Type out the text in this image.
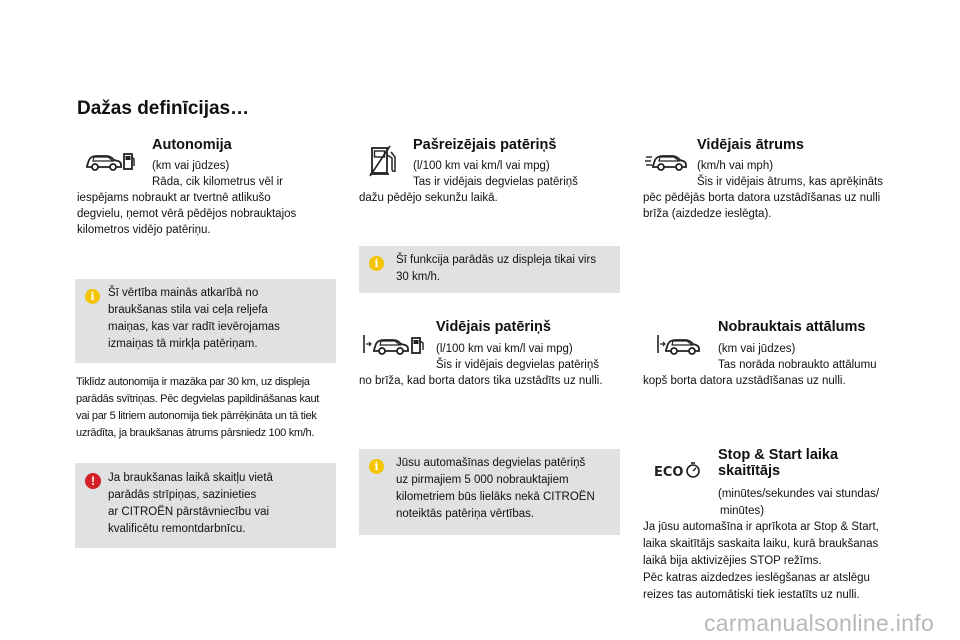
Dažas definīcijas…
Autonomija
(km vai jūdzes)
Rāda, cik kilometrus vēl ir
iespējams nobraukt ar tvertnē atlikušo
degvielu, ņemot vērā pēdējos nobrauktajos
kilometros vidējo patēriņu.
i	Šī vērtība mainās atkarībā no
braukšanas stila vai ceļa reljefa
maiņas, kas var radīt ievērojamas
izmaiņas tā mirkļa patēriņam.
Tiklīdz autonomija ir mazāka par 30 km, uz displeja
parādās svītriņas. Pēc degvielas papildināšanas kaut
vai par 5 litriem autonomija tiek pārrēķināta un tā tiek
uzrādīta, ja braukšanas ātrums pārsniedz 100 km/h.
!	Ja braukšanas laikā skaitļu vietā
parādās strīpiņas, sazinieties
ar CITROËN pārstāvniecību vai
kvalificētu remontdarbnīcu.
Pašreizējais patēriņš
(l/100 km vai km/l vai mpg)
Tas ir vidējais degvielas patēriņš
dažu pēdējo sekunžu laikā.
i	Šī funkcija parādās uz displeja tikai virs
30 km/h.
Vidējais patēriņš
(l/100 km vai km/l vai mpg)
Šis ir vidējais degvielas patēriņš
no brīža, kad borta dators tika uzstādīts uz nulli.
i	Jūsu automašīnas degvielas patēriņš
uz pirmajiem 5 000 nobrauktajiem
kilometriem būs lielāks nekā CITROËN
noteiktās patēriņa vērtības.
Vidējais ātrums
(km/h vai mph)
Šis ir vidējais ātrums, kas aprēķināts
pēc pēdējās borta datora uzstādīšanas uz nulli
brīža (aizdedze ieslēgta).
Nobrauktais attālums
(km vai jūdzes)
Tas norāda nobraukto attālumu
kopš borta datora uzstādīšanas uz nulli.
ECO
Stop & Start laika
skaitītājs
(minūtes/sekundes vai stundas/
minūtes)
Ja jūsu automašīna ir aprīkota ar Stop & Start,
laika skaitītājs saskaita laiku, kurā braukšanas
laikā bija aktivizējies STOP režīms.
Pēc katras aizdedzes ieslēgšanas ar atslēgu
reizes tas automātiski tiek iestatīts uz nulli.
carmanualsonline.info
